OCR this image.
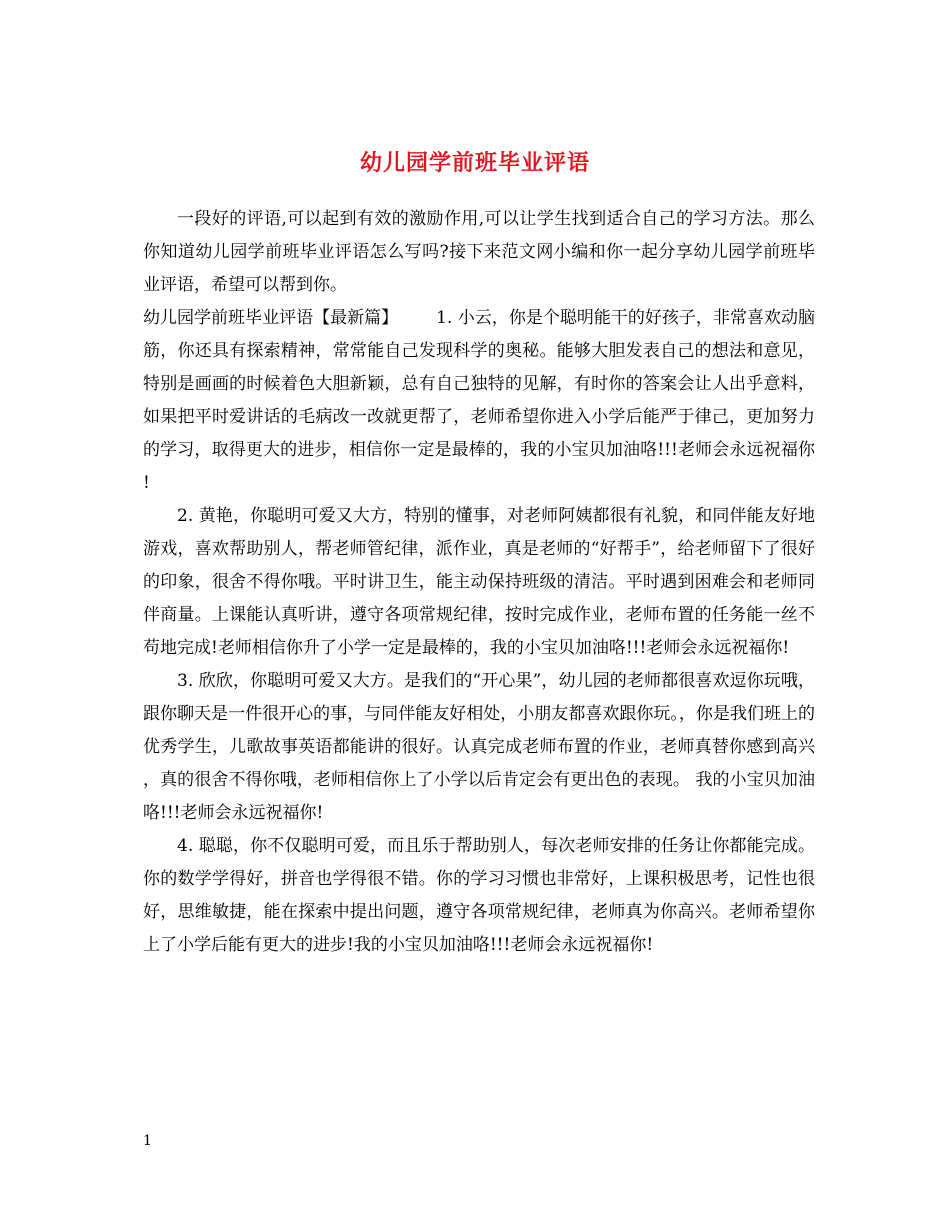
幼儿园学前班毕业评语

一段好的评语,可以起到有效的激励作用,可以让学生找到适合自己的学习方法。那么你知道幼儿园学前班毕业评语怎么写吗?接下来范文网小编和你一起分享幼儿园学前班毕业评语，希望可以帮到你。

幼儿园学前班毕业评语【最新篇】 1. 小云，你是个聪明能干的好孩子，非常喜欢动脑筋，你还具有探索精神，常常能自己发现科学的奥秘。能够大胆发表自己的想法和意见，特别是画画的时候着色大胆新颖，总有自己独特的见解，有时你的答案会让人出乎意料，如果把平时爱讲话的毛病改一改就更帮了，老师希望你进入小学后能严于律己，更加努力的学习，取得更大的进步，相信你一定是最棒的，我的小宝贝加油咯!!!老师会永远祝福你!

2. 黄艳，你聪明可爱又大方，特别的懂事，对老师阿姨都很有礼貌，和同伴能友好地游戏，喜欢帮助别人，帮老师管纪律，派作业，真是老师的“好帮手”，给老师留下了很好的印象，很舍不得你哦。平时讲卫生，能主动保持班级的清洁。平时遇到困难会和老师同伴商量。上课能认真听讲，遵守各项常规纪律，按时完成作业，老师布置的任务能一丝不苟地完成!老师相信你升了小学一定是最棒的，我的小宝贝加油咯!!!老师会永远祝福你!

3. 欣欣，你聪明可爱又大方。是我们的“开心果”，幼儿园的老师都很喜欢逗你玩哦，跟你聊天是一件很开心的事，与同伴能友好相处，小朋友都喜欢跟你玩。，你是我们班上的优秀学生，儿歌故事英语都能讲的很好。认真完成老师布置的作业，老师真替你感到高兴，真的很舍不得你哦，老师相信你上了小学以后肯定会有更出色的表现。 我的小宝贝加油咯!!!老师会永远祝福你!

4. 聪聪，你不仅聪明可爱，而且乐于帮助别人，每次老师安排的任务让你都能完成。你的数学学得好，拼音也学得很不错。你的学习习惯也非常好，上课积极思考，记性也很好，思维敏捷，能在探索中提出问题，遵守各项常规纪律，老师真为你高兴。老师希望你上了小学后能有更大的进步!我的小宝贝加油咯!!!老师会永远祝福你!

1
